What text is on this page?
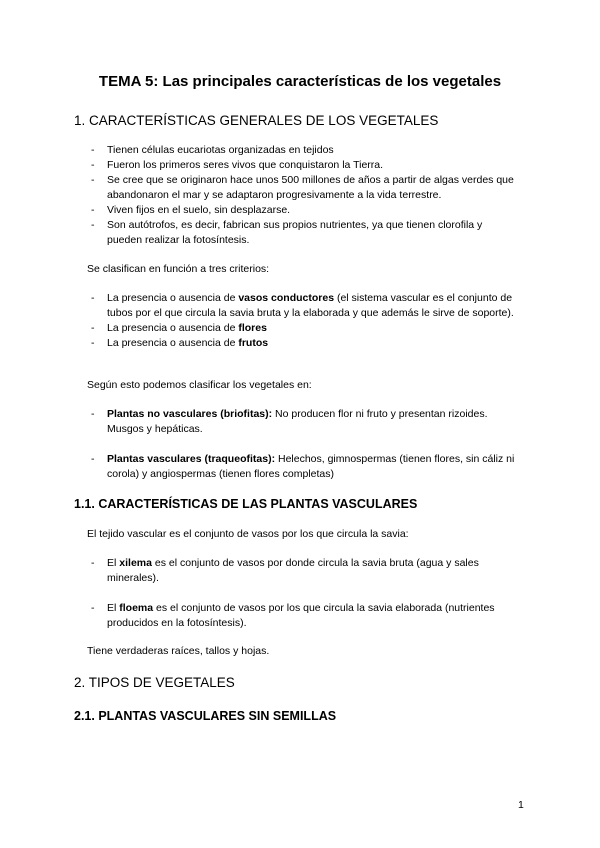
TEMA 5: Las principales características de los vegetales
1. CARACTERÍSTICAS GENERALES DE LOS VEGETALES
- Tienen células eucariotas organizadas en tejidos
- Fueron los primeros seres vivos que conquistaron la Tierra.
- Se cree que se originaron hace unos 500 millones de años a partir de algas verdes que abandonaron el mar y se adaptaron progresivamente a la vida terrestre.
- Viven fijos en el suelo, sin desplazarse.
- Son autótrofos, es decir, fabrican sus propios nutrientes, ya que tienen clorofila y pueden realizar la fotosíntesis.

Se clasifican en función a tres criterios:

- La presencia o ausencia de vasos conductores (el sistema vascular es el conjunto de tubos por el que circula la savia bruta y la elaborada y que además le sirve de soporte).
- La presencia o ausencia de flores
- La presencia o ausencia de frutos

Según esto podemos clasificar los vegetales en:

- Plantas no vasculares (briofitas): No producen flor ni fruto y presentan rizoides. Musgos y hepáticas.
- Plantas vasculares (traqueofitas): Helechos, gimnospermas (tienen flores, sin cáliz ni corola) y angiospermas (tienen flores completas)
1.1. CARACTERÍSTICAS DE LAS PLANTAS VASCULARES

El tejido vascular es el conjunto de vasos por los que circula la savia:

- El xilema es el conjunto de vasos por donde circula la savia bruta (agua y sales minerales).
- El floema es el conjunto de vasos por los que circula la savia elaborada (nutrientes producidos en la fotosíntesis).

Tiene verdaderas raíces, tallos y hojas.

2. TIPOS DE VEGETALES
2.1. PLANTAS VASCULARES SIN SEMILLAS
1
